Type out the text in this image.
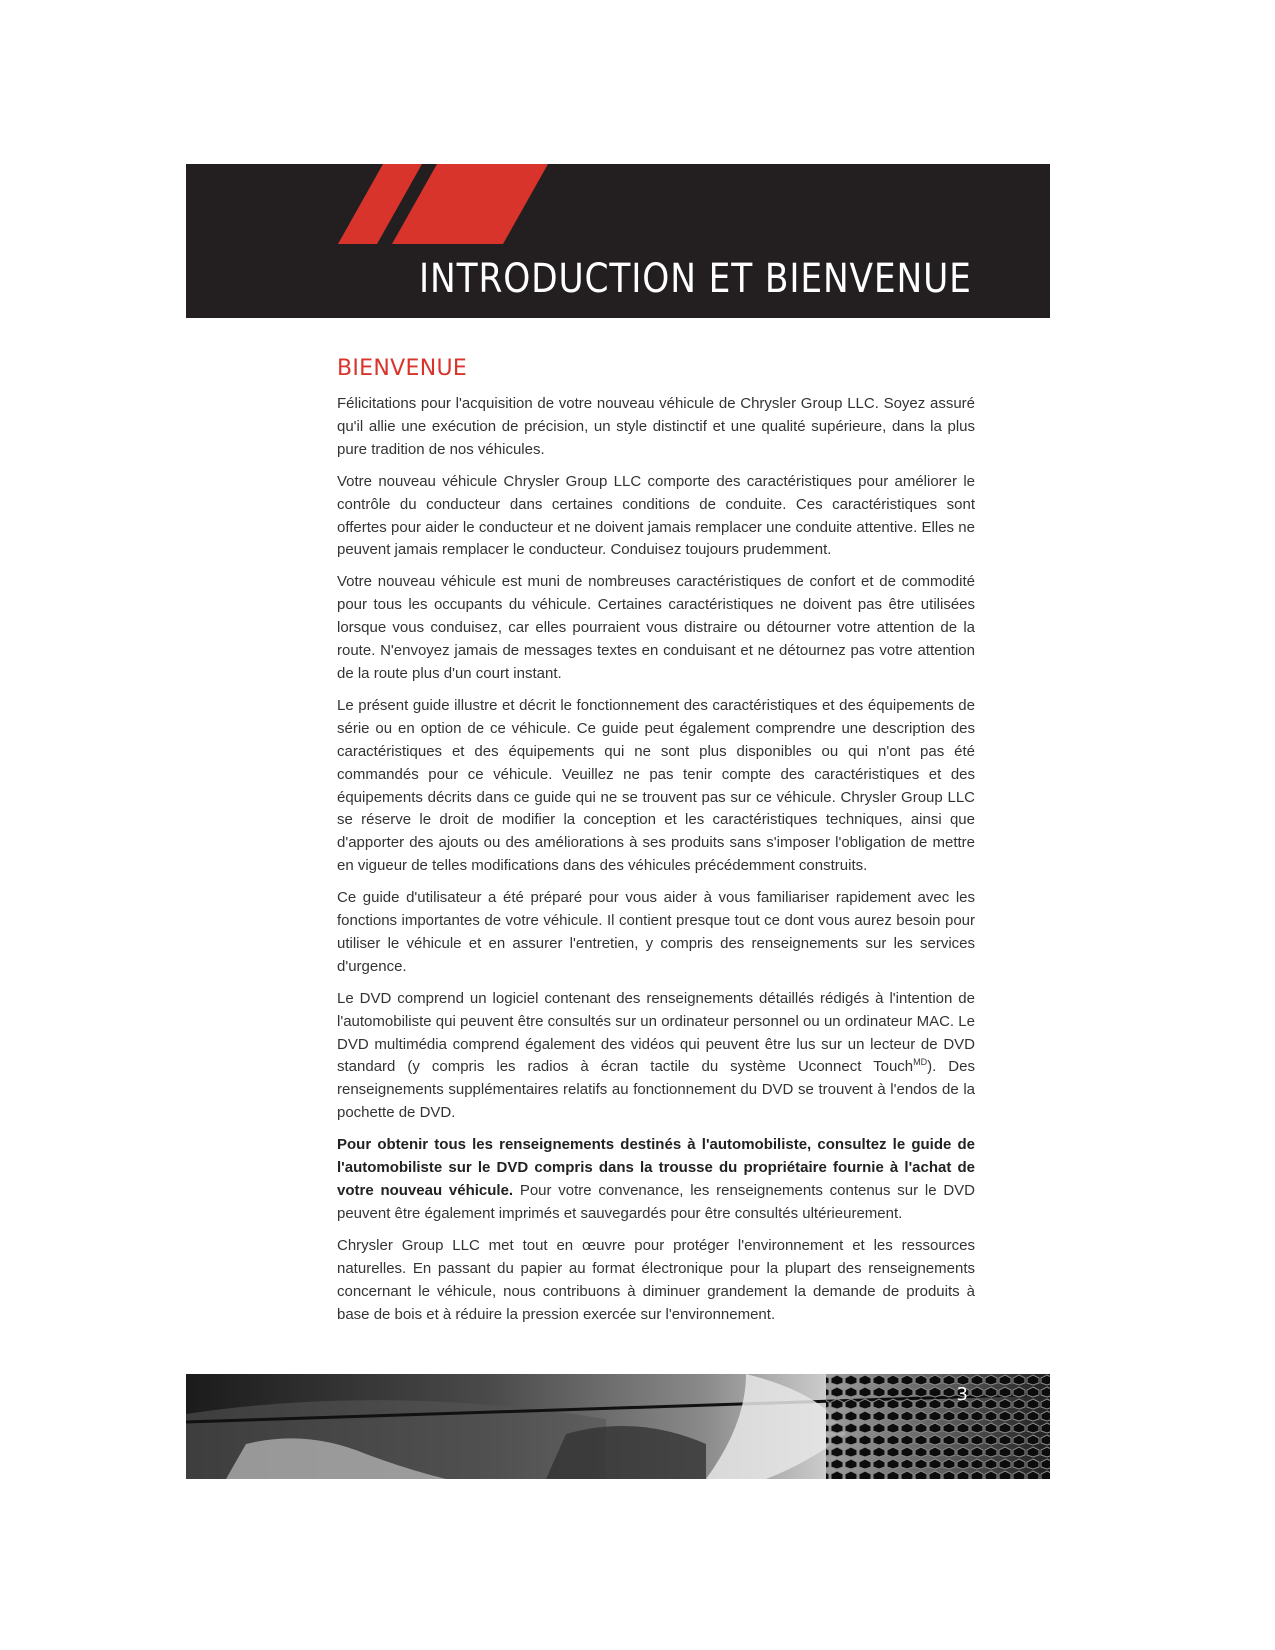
INTRODUCTION ET BIENVENUE
BIENVENUE

Félicitations pour l'acquisition de votre nouveau véhicule de Chrysler Group LLC. Soyez assuré qu'il allie une exécution de précision, un style distinctif et une qualité supérieure, dans la plus pure tradition de nos véhicules.

Votre nouveau véhicule Chrysler Group LLC comporte des caractéristiques pour améliorer le contrôle du conducteur dans certaines conditions de conduite. Ces caractéristiques sont offertes pour aider le conducteur et ne doivent jamais remplacer une conduite attentive. Elles ne peuvent jamais remplacer le conducteur. Conduisez toujours prudemment.

Votre nouveau véhicule est muni de nombreuses caractéristiques de confort et de commodité pour tous les occupants du véhicule. Certaines caractéristiques ne doivent pas être utilisées lorsque vous conduisez, car elles pourraient vous distraire ou détourner votre attention de la route. N'envoyez jamais de messages textes en conduisant et ne détournez pas votre attention de la route plus d'un court instant.

Le présent guide illustre et décrit le fonctionnement des caractéristiques et des équipements de série ou en option de ce véhicule. Ce guide peut également comprendre une description des caractéristiques et des équipements qui ne sont plus disponibles ou qui n'ont pas été commandés pour ce véhicule. Veuillez ne pas tenir compte des caractéristiques et des équipements décrits dans ce guide qui ne se trouvent pas sur ce véhicule. Chrysler Group LLC se réserve le droit de modifier la conception et les caractéristiques techniques, ainsi que d'apporter des ajouts ou des améliorations à ses produits sans s'imposer l'obligation de mettre en vigueur de telles modifications dans des véhicules précédemment construits.

Ce guide d'utilisateur a été préparé pour vous aider à vous familiariser rapidement avec les fonctions importantes de votre véhicule. Il contient presque tout ce dont vous aurez besoin pour utiliser le véhicule et en assurer l'entretien, y compris des renseignements sur les services d'urgence.

Le DVD comprend un logiciel contenant des renseignements détaillés rédigés à l'intention de l'automobiliste qui peuvent être consultés sur un ordinateur personnel ou un ordinateur MAC. Le DVD multimédia comprend également des vidéos qui peuvent être lus sur un lecteur de DVD standard (y compris les radios à écran tactile du système Uconnect Touch$^{MD}$). Des renseignements supplémentaires relatifs au fonctionnement du DVD se trouvent à l'endos de la pochette de DVD.

Pour obtenir tous les renseignements destinés à l'automobiliste, consultez le guide de l'automobiliste sur le DVD compris dans la trousse du propriétaire fournie à l'achat de votre nouveau véhicule. Pour votre convenance, les renseignements contenus sur le DVD peuvent être également imprimés et sauvegardés pour être consultés ultérieurement.

Chrysler Group LLC met tout en œuvre pour protéger l'environnement et les ressources naturelles. En passant du papier au format électronique pour la plupart des renseignements concernant le véhicule, nous contribuons à diminuer grandement la demande de produits à base de bois et à réduire la pression exercée sur l'environnement.

3
